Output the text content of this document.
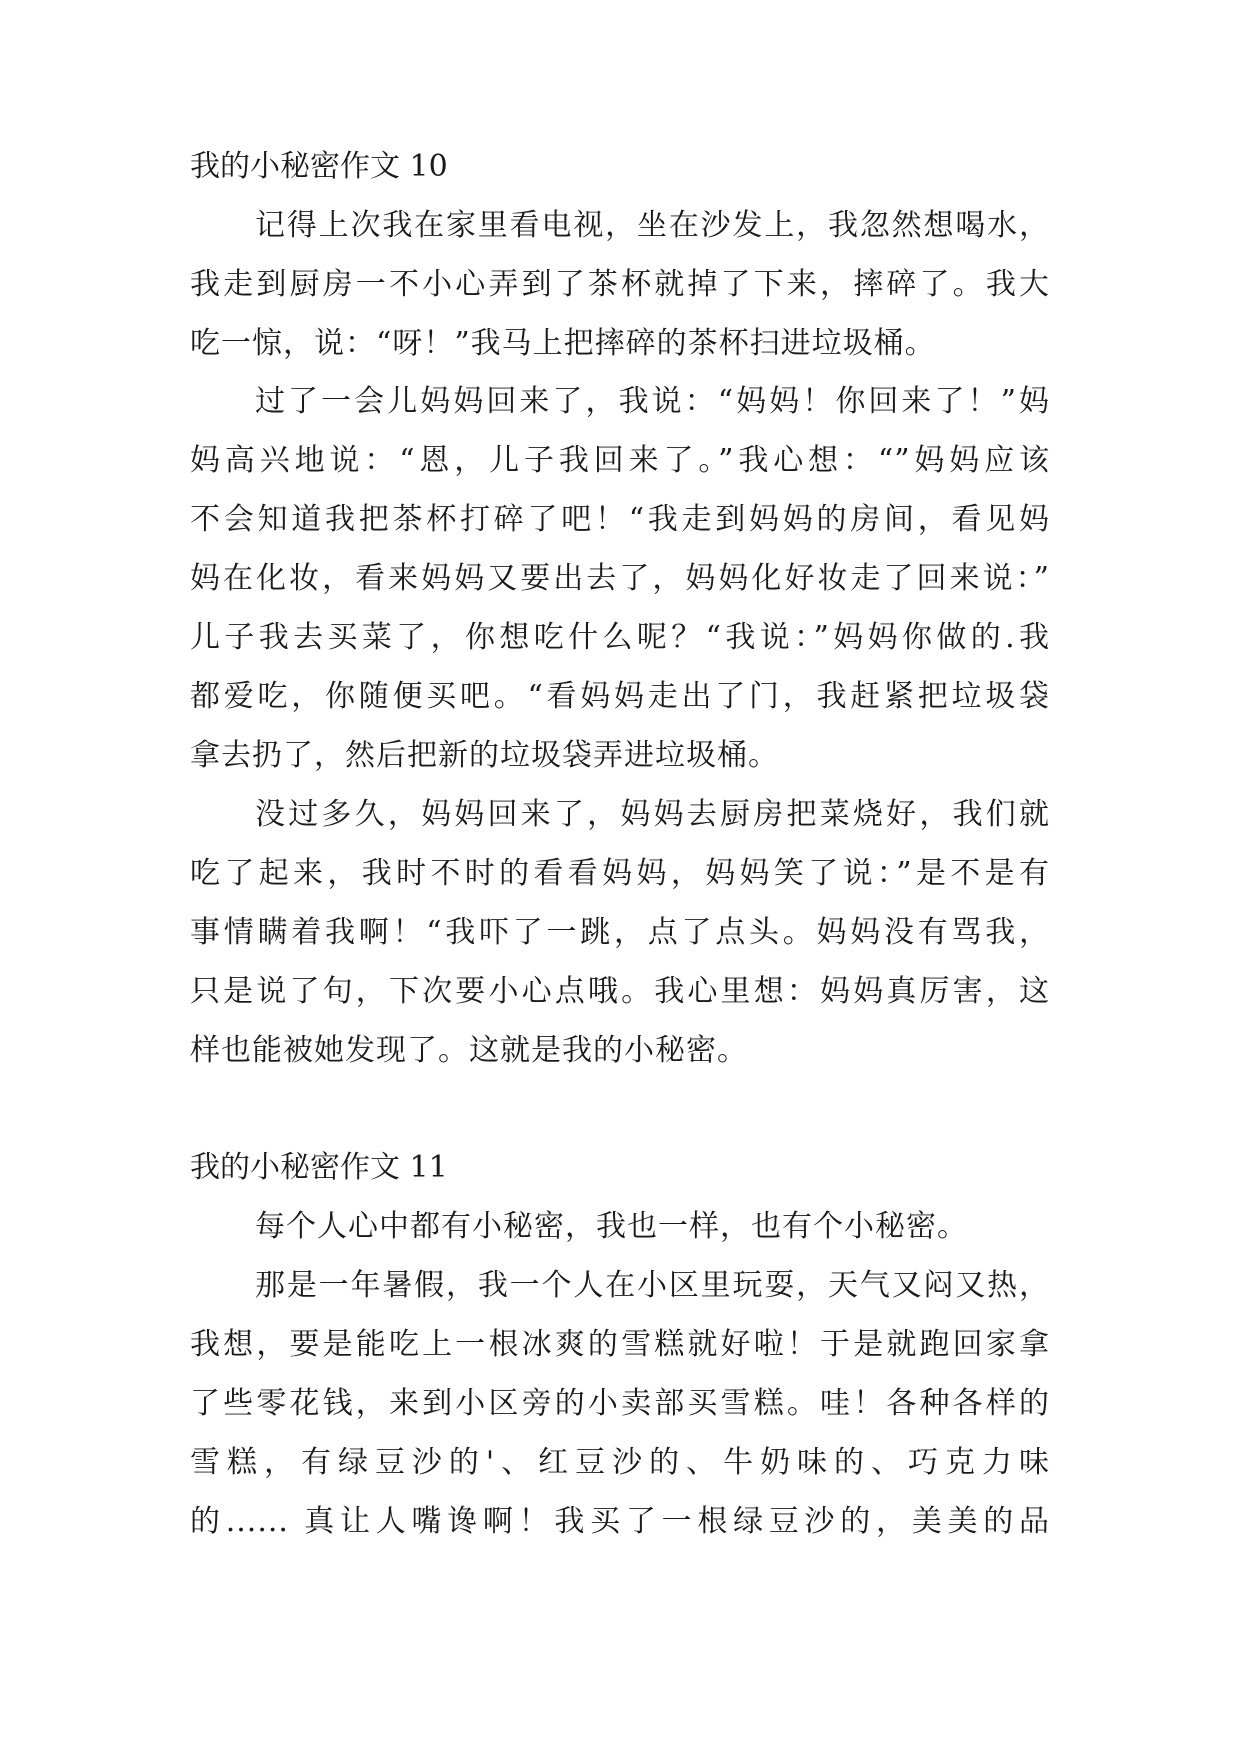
我的小秘密作文 10
记得上次我在家里看电视，坐在沙发上，我忽然想喝水，
我走到厨房一不小心弄到了茶杯就掉了下来，摔碎了。我大
吃一惊，说：“呀！”我马上把摔碎的茶杯扫进垃圾桶。
过了一会儿妈妈回来了，我说：“妈妈！你回来了！”妈
妈高兴地说：“恩，儿子我回来了。”我心想：“”妈妈应该
不会知道我把茶杯打碎了吧！“我走到妈妈的房间，看见妈
妈在化妆，看来妈妈又要出去了，妈妈化好妆走了回来说：”
儿子我去买菜了，你想吃什么呢？“我说：”妈妈你做的.我
都爱吃，你随便买吧。“看妈妈走出了门，我赶紧把垃圾袋
拿去扔了，然后把新的垃圾袋弄进垃圾桶。
没过多久，妈妈回来了，妈妈去厨房把菜烧好，我们就
吃了起来，我时不时的看看妈妈，妈妈笑了说：”是不是有
事情瞒着我啊！“我吓了一跳，点了点头。妈妈没有骂我，
只是说了句，下次要小心点哦。我心里想：妈妈真厉害，这
样也能被她发现了。这就是我的小秘密。
我的小秘密作文 11
每个人心中都有小秘密，我也一样，也有个小秘密。
那是一年暑假，我一个人在小区里玩耍，天气又闷又热，
我想，要是能吃上一根冰爽的雪糕就好啦！于是就跑回家拿
了些零花钱，来到小区旁的小卖部买雪糕。哇！各种各样的
雪糕，有绿豆沙的'、红豆沙的、牛奶味的、巧克力味
的...... 真让人嘴谗啊！我买了一根绿豆沙的，美美的品
